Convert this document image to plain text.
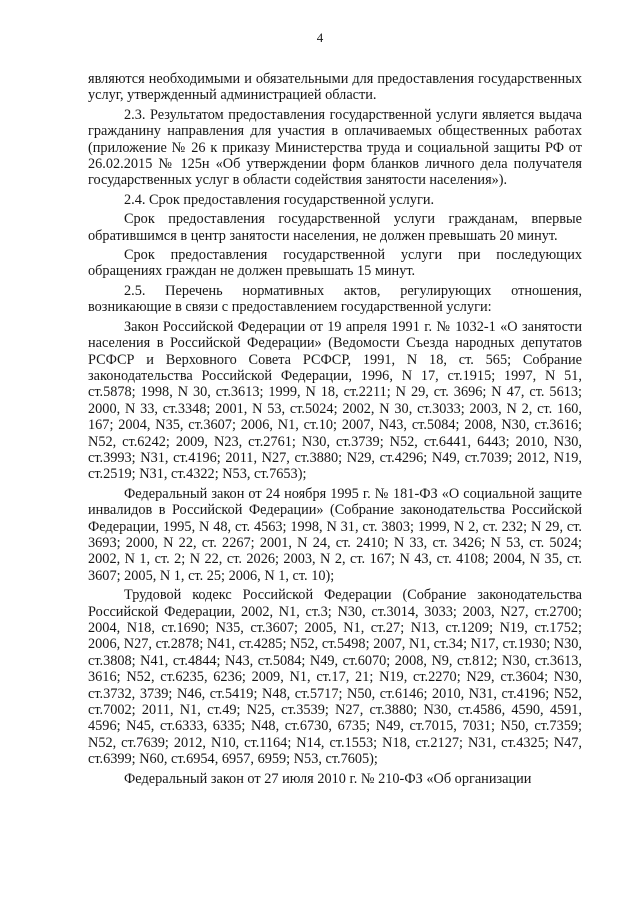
4

являются необходимыми и обязательными для предоставления государственных услуг, утвержденный администрацией области.

2.3. Результатом предоставления государственной услуги является выдача гражданину направления для участия в оплачиваемых общественных работах (приложение № 26 к приказу Министерства труда и социальной защиты РФ от 26.02.2015 № 125н «Об утверждении форм бланков личного дела получателя государственных услуг в области содействия занятости населения»).

2.4. Срок предоставления государственной услуги.

Срок предоставления государственной услуги гражданам, впервые обратившимся в центр занятости населения, не должен превышать 20 минут.

Срок предоставления государственной услуги при последующих обращениях граждан не должен превышать 15 минут.

2.5. Перечень нормативных актов, регулирующих отношения, возникающие в связи с предоставлением государственной услуги:

Закон Российской Федерации от 19 апреля 1991 г. № 1032-1 «О занятости населения в Российской Федерации» (Ведомости Съезда народных депутатов РСФСР и Верховного Совета РСФСР, 1991, N 18, ст. 565; Собрание законодательства Российской Федерации, 1996, N 17, ст.1915; 1997, N 51, ст.5878; 1998, N 30, ст.3613; 1999, N 18, ст.2211; N 29, ст. 3696; N 47, ст. 5613; 2000, N 33, ст.3348; 2001, N 53, ст.5024; 2002, N 30, ст.3033; 2003, N 2, ст. 160, 167; 2004, N35, ст.3607; 2006, N1, ст.10; 2007, N43, ст.5084; 2008, N30, ст.3616; N52, ст.6242; 2009, N23, ст.2761; N30, ст.3739; N52, ст.6441, 6443; 2010, N30, ст.3993; N31, ст.4196; 2011, N27, ст.3880; N29, ст.4296; N49, ст.7039; 2012, N19, ст.2519; N31, ст.4322; N53, ст.7653);

Федеральный закон от 24 ноября 1995 г. № 181-ФЗ «О социальной защите инвалидов в Российской Федерации» (Собрание законодательства Российской Федерации, 1995, N 48, ст. 4563; 1998, N 31, ст. 3803; 1999, N 2, ст. 232; N 29, ст. 3693; 2000, N 22, ст. 2267; 2001, N 24, ст. 2410; N 33, ст. 3426; N 53, ст. 5024; 2002, N 1, ст. 2; N 22, ст. 2026; 2003, N 2, ст. 167; N 43, ст. 4108; 2004, N 35, ст. 3607; 2005, N 1, ст. 25; 2006, N 1, ст. 10);

Трудовой кодекс Российской Федерации (Собрание законодательства Российской Федерации, 2002, N1, ст.3; N30, ст.3014, 3033; 2003, N27, ст.2700; 2004, N18, ст.1690; N35, ст.3607; 2005, N1, ст.27; N13, ст.1209; N19, ст.1752; 2006, N27, ст.2878; N41, ст.4285; N52, ст.5498; 2007, N1, ст.34; N17, ст.1930; N30, ст.3808; N41, ст.4844; N43, ст.5084; N49, ст.6070; 2008, N9, ст.812; N30, ст.3613, 3616; N52, ст.6235, 6236; 2009, N1, ст.17, 21; N19, ст.2270; N29, ст.3604; N30, ст.3732, 3739; N46, ст.5419; N48, ст.5717; N50, ст.6146; 2010, N31, ст.4196; N52, ст.7002; 2011, N1, ст.49; N25, ст.3539; N27, ст.3880; N30, ст.4586, 4590, 4591, 4596; N45, ст.6333, 6335; N48, ст.6730, 6735; N49, ст.7015, 7031; N50, ст.7359; N52, ст.7639; 2012, N10, ст.1164; N14, ст.1553; N18, ст.2127; N31, ст.4325; N47, ст.6399; N60, ст.6954, 6957, 6959; N53, ст.7605);

Федеральный закон от 27 июля 2010 г. № 210-ФЗ «Об организации
